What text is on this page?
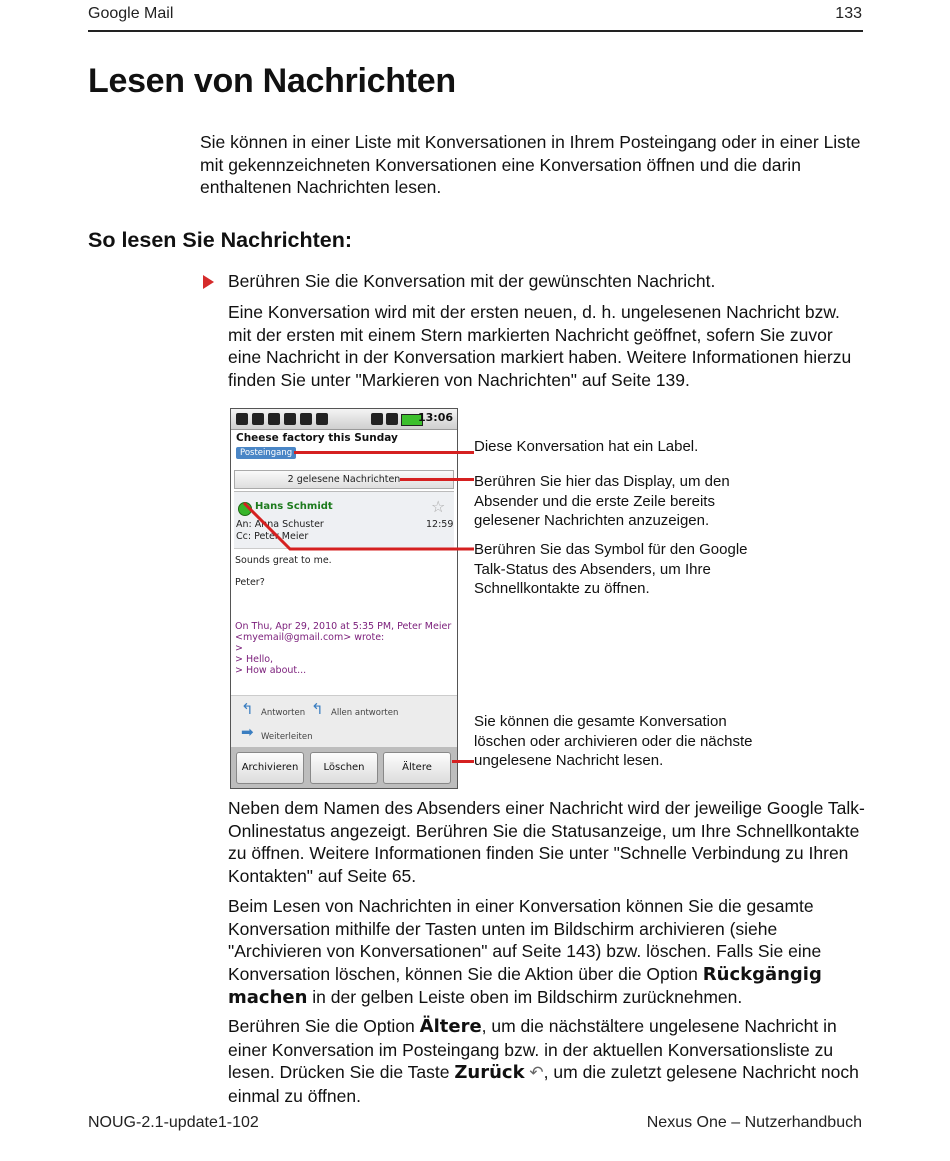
Google Mail	133
Lesen von Nachrichten

Sie können in einer Liste mit Konversationen in Ihrem Posteingang oder in einer Liste mit gekennzeichneten Konversationen eine Konversation öffnen und die darin enthaltenen Nachrichten lesen.

So lesen Sie Nachrichten:
Berühren Sie die Konversation mit der gewünschten Nachricht.

Eine Konversation wird mit der ersten neuen, d. h. ungelesenen Nachricht bzw. mit der ersten mit einem Stern markierten Nachricht geöffnet, sofern Sie zuvor eine Nachricht in der Konversation markiert haben. Weitere Informationen hierzu finden Sie unter "Markieren von Nachrichten" auf Seite 139.

13:06
Cheese factory this Sunday
Posteingang
2 gelesene Nachrichten
Hans Schmidt	☆
An: Anna Schuster	12:59
Cc: Peter Meier
Sounds great to me.
Peter?
On Thu, Apr 29, 2010 at 5:35 PM, Peter Meier
<myemail@gmail.com> wrote:
>
> Hello,
> How about...
↰ Antworten ↰ Allen antworten
➡ Weiterleiten
Archivieren	Löschen	Ältere
Diese Konversation hat ein Label.
Berühren Sie hier das Display, um den Absender und die erste Zeile bereits gelesener Nachrichten anzuzeigen.
Berühren Sie das Symbol für den Google Talk-Status des Absenders, um Ihre Schnellkontakte zu öffnen.
Sie können die gesamte Konversation löschen oder archivieren oder die nächste ungelesene Nachricht lesen.

Neben dem Namen des Absenders einer Nachricht wird der jeweilige Google Talk-Onlinestatus angezeigt. Berühren Sie die Statusanzeige, um Ihre Schnellkontakte zu öffnen. Weitere Informationen finden Sie unter "Schnelle Verbindung zu Ihren Kontakten" auf Seite 65.

Beim Lesen von Nachrichten in einer Konversation können Sie die gesamte Konversation mithilfe der Tasten unten im Bildschirm archivieren (siehe "Archivieren von Konversationen" auf Seite 143) bzw. löschen. Falls Sie eine Konversation löschen, können Sie die Aktion über die Option Rückgängig machen in der gelben Leiste oben im Bildschirm zurücknehmen.

Berühren Sie die Option Ältere, um die nächstältere ungelesene Nachricht in einer Konversation im Posteingang bzw. in der aktuellen Konversationsliste zu lesen. Drücken Sie die Taste Zurück ↶, um die zuletzt gelesene Nachricht noch einmal zu öffnen.

NOUG-2.1-update1-102	Nexus One – Nutzerhandbuch
